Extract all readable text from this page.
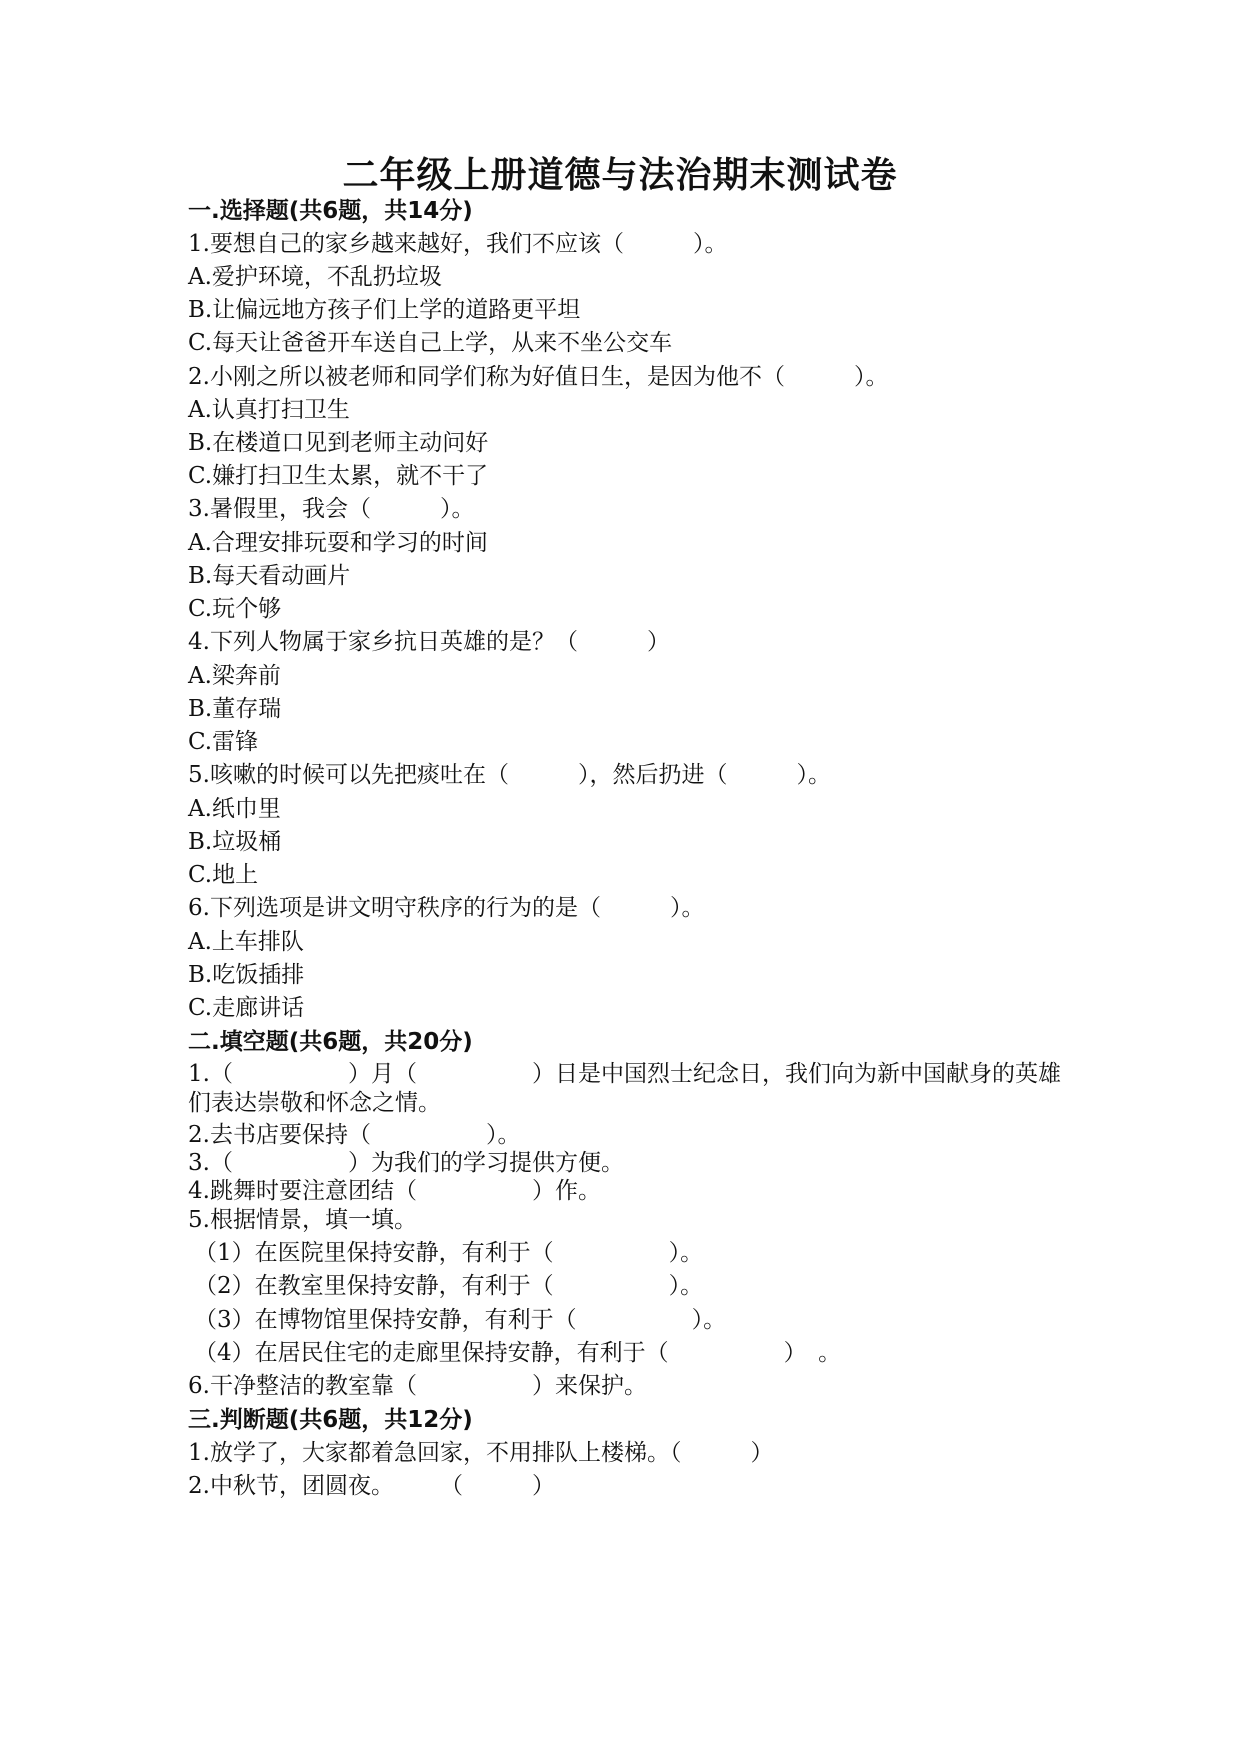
二年级上册道德与法治期末测试卷
一.选择题(共6题，共14分)
1.要想自己的家乡越来越好，我们不应该（　　　）。
A.爱护环境，不乱扔垃圾
B.让偏远地方孩子们上学的道路更平坦
C.每天让爸爸开车送自己上学，从来不坐公交车
2.小刚之所以被老师和同学们称为好值日生，是因为他不（　　　）。
A.认真打扫卫生
B.在楼道口见到老师主动问好
C.嫌打扫卫生太累，就不干了
3.暑假里，我会（　　　）。
A.合理安排玩耍和学习的时间
B.每天看动画片
C.玩个够
4.下列人物属于家乡抗日英雄的是？（　　　）
A.梁奔前
B.董存瑞
C.雷锋
5.咳嗽的时候可以先把痰吐在（　　　），然后扔进（　　　）。
A.纸巾里
B.垃圾桶
C.地上
6.下列选项是讲文明守秩序的行为的是（　　　）。
A.上车排队
B.吃饭插排
C.走廊讲话
二.填空题(共6题，共20分)
1.（　　　　　）月（　　　　　）日是中国烈士纪念日，我们向为新中国献身的英雄们表达崇敬和怀念之情。
2.去书店要保持（　　　　　）。
3.（　　　　　）为我们的学习提供方便。
4.跳舞时要注意团结（　　　　　）作。
5.根据情景，填一填。
（1）在医院里保持安静，有利于（　　　　　）。
（2）在教室里保持安静，有利于（　　　　　）。
（3）在博物馆里保持安静，有利于（　　　　　）。
（4）在居民住宅的走廊里保持安静，有利于（　　　　　）　。
6.干净整洁的教室靠（　　　　　）来保护。
三.判断题(共6题，共12分)
1.放学了，大家都着急回家，不用排队上楼梯。（　　　）
2.中秋节，团圆夜。　　　（　　　）
